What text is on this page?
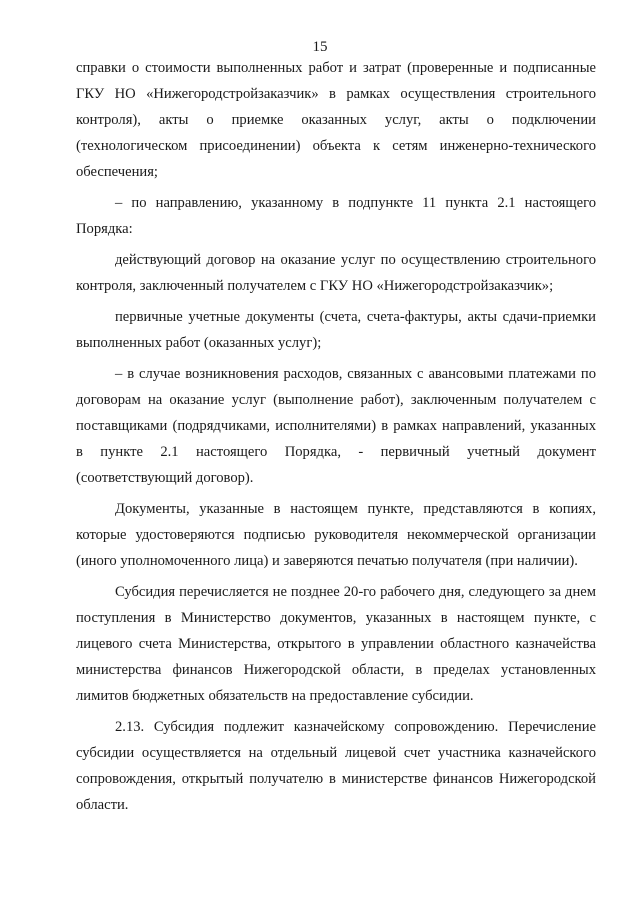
15

справки о стоимости выполненных работ и затрат (проверенные и подписанные ГКУ НО «Нижегородстройзаказчик» в рамках осуществления строительного контроля), акты о приемке оказанных услуг, акты о подключении (технологическом присоединении) объекта к сетям инженерно-технического обеспечения;

– по направлению, указанному в подпункте 11 пункта 2.1 настоящего Порядка:

действующий договор на оказание услуг по осуществлению строительного контроля, заключенный получателем с ГКУ НО «Нижегородстройзаказчик»;

первичные учетные документы (счета, счета-фактуры, акты сдачи-приемки выполненных работ (оказанных услуг);

– в случае возникновения расходов, связанных с авансовыми платежами по договорам на оказание услуг (выполнение работ), заключенным получателем с поставщиками (подрядчиками, исполнителями) в рамках направлений, указанных в пункте 2.1 настоящего Порядка, - первичный учетный документ (соответствующий договор).

Документы, указанные в настоящем пункте, представляются в копиях, которые удостоверяются подписью руководителя некоммерческой организации (иного уполномоченного лица) и заверяются печатью получателя (при наличии).

Субсидия перечисляется не позднее 20-го рабочего дня, следующего за днем поступления в Министерство документов, указанных в настоящем пункте, с лицевого счета Министерства, открытого в управлении областного казначейства министерства финансов Нижегородской области, в пределах установленных лимитов бюджетных обязательств на предоставление субсидии.

2.13. Субсидия подлежит казначейскому сопровождению. Перечисление субсидии осуществляется на отдельный лицевой счет участника казначейского сопровождения, открытый получателю в министерстве финансов Нижегородской области.
